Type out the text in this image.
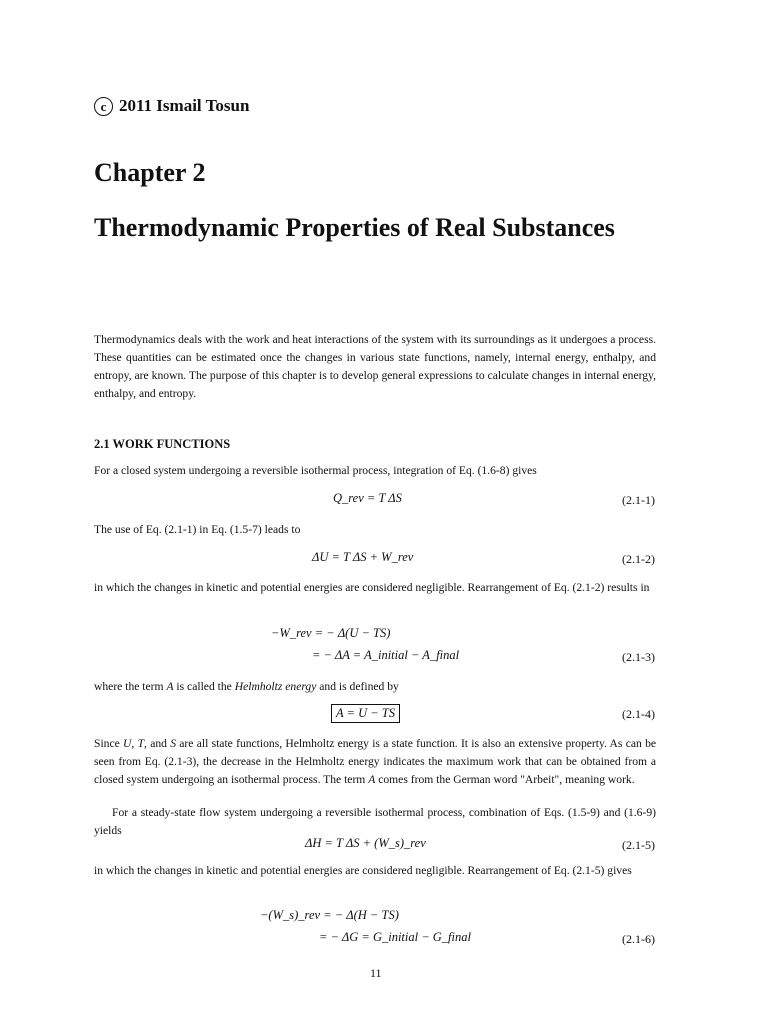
c 2011 Ismail Tosun
Chapter 2
Thermodynamic Properties of Real Substances
Thermodynamics deals with the work and heat interactions of the system with its surroundings as it undergoes a process. These quantities can be estimated once the changes in various state functions, namely, internal energy, enthalpy, and entropy, are known. The purpose of this chapter is to develop general expressions to calculate changes in internal energy, enthalpy, and entropy.
2.1 WORK FUNCTIONS
For a closed system undergoing a reversible isothermal process, integration of Eq. (1.6-8) gives
Q_rev = T ΔS	(2.1-1)
The use of Eq. (2.1-1) in Eq. (1.5-7) leads to
ΔU = T ΔS + W_rev	(2.1-2)
in which the changes in kinetic and potential energies are considered negligible. Rearrangement of Eq. (2.1-2) results in
−W_rev = − Δ(U − TS)
= − ΔA = A_initial − A_final	(2.1-3)
where the term A is called the Helmholtz energy and is defined by
A = U − TS	(2.1-4)
Since U, T, and S are all state functions, Helmholtz energy is a state function. It is also an extensive property. As can be seen from Eq. (2.1-3), the decrease in the Helmholtz energy indicates the maximum work that can be obtained from a closed system undergoing an isothermal process. The term A comes from the German word "Arbeit", meaning work.
For a steady-state flow system undergoing a reversible isothermal process, combination of Eqs. (1.5-9) and (1.6-9) yields
ΔH = T ΔS + (W_s)_rev	(2.1-5)
in which the changes in kinetic and potential energies are considered negligible. Rearrangement of Eq. (2.1-5) gives
−(W_s)_rev = − Δ(H − TS)
= − ΔG = G_initial − G_final	(2.1-6)
11
